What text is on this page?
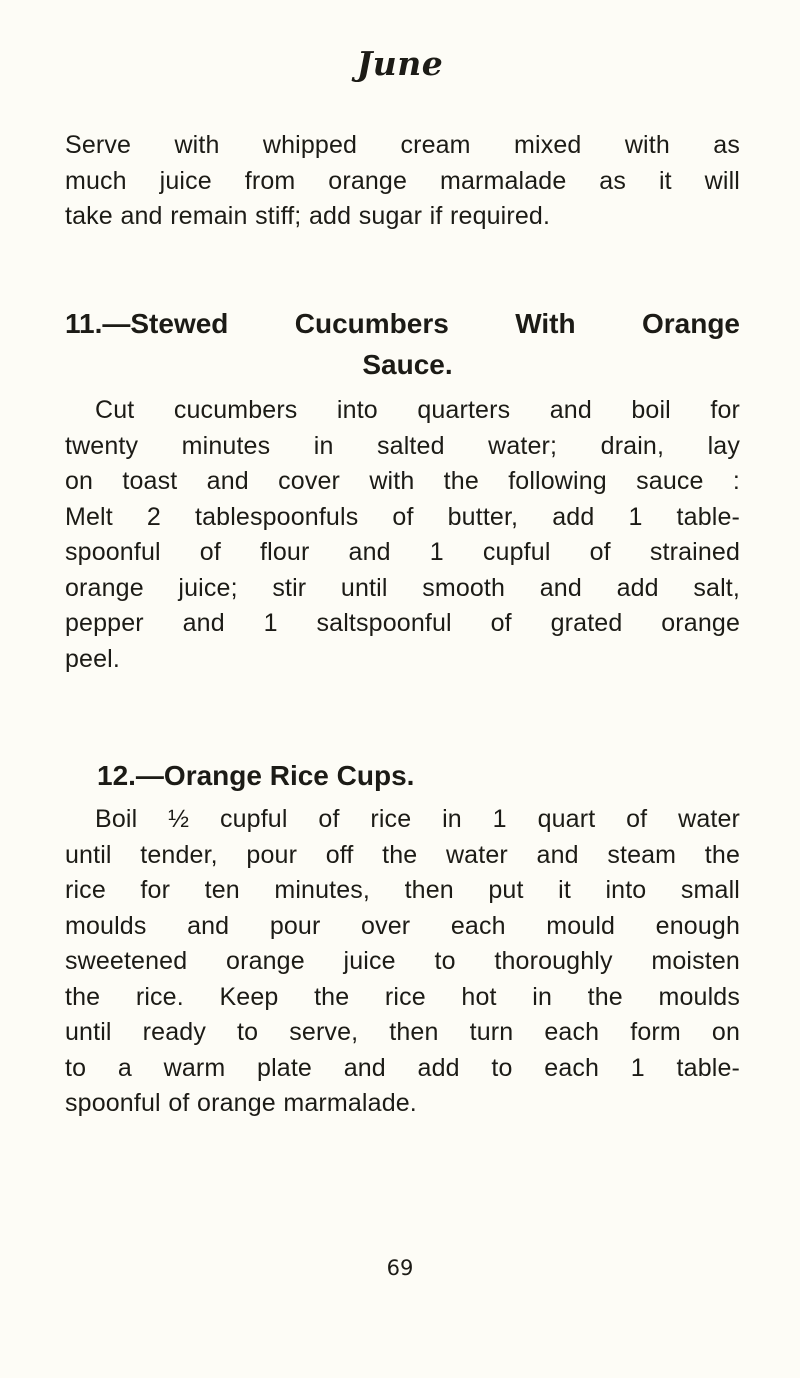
June

Serve with whipped cream mixed with as
much juice from orange marmalade as it will
take and remain stiff; add sugar if required.

11.—Stewed Cucumbers With Orange
Sauce.

Cut cucumbers into quarters and boil for
twenty minutes in salted water; drain, lay
on toast and cover with the following sauce :
Melt 2 tablespoonfuls of butter, add 1 table-
spoonful of flour and 1 cupful of strained
orange juice; stir until smooth and add salt,
pepper and 1 saltspoonful of grated orange
peel.

12.—Orange Rice Cups.

Boil ½ cupful of rice in 1 quart of water
until tender, pour off the water and steam the
rice for ten minutes, then put it into small
moulds and pour over each mould enough
sweetened orange juice to thoroughly moisten
the rice. Keep the rice hot in the moulds
until ready to serve, then turn each form on
to a warm plate and add to each 1 table-
spoonful of orange marmalade.

69
